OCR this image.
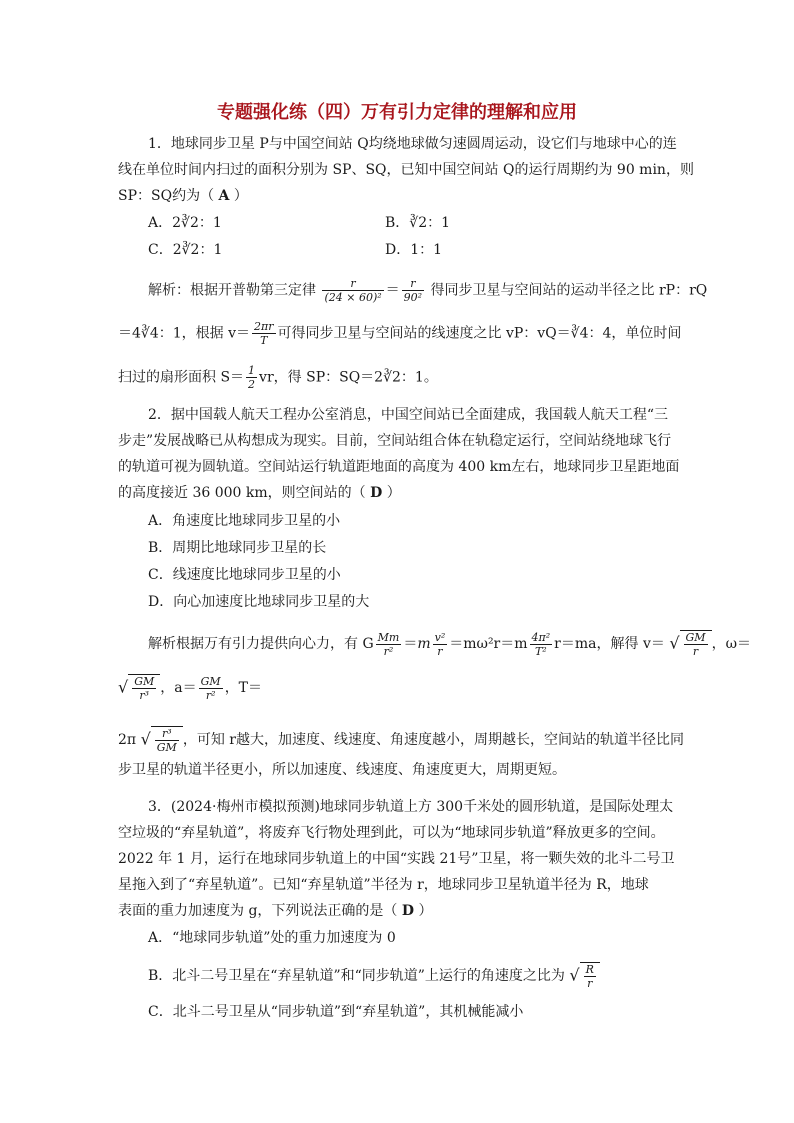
专题强化练（四）万有引力定律的理解和应用
1．地球同步卫星 P与中国空间站 Q均绕地球做匀速圆周运动，设它们与地球中心的连
线在单位时间内扫过的面积分别为 SP、SQ，已知中国空间站 Q的运行周期约为 90 min，则
SP：SQ约为（ A ）
A．2∛2：1	B．∛2：1
C．2∛2：1	D．1：1
解析：根据开普勒第三定律 $\frac{r}{\text{(24 × 60)²}} = \frac{r}{\text{90²}}$ 得同步卫星与空间站的运动半径之比 rP：rQ
＝4∛4：1，根据 $v= \frac{2\pi r}{T}$ 可得同步卫星与空间站的线速度之比 vP：vQ＝∛4：4，单位时间
扫过的扇形面积 $S= \frac{1}{2}$ vr，得 SP：SQ＝2∛2：1。
2．据中国载人航天工程办公室消息，中国空间站已全面建成，我国载人航天工程“三
步走”发展战略已从构想成为现实。目前，空间站组合体在轨稳定运行，空间站绕地球飞行
的轨道可视为圆轨道。空间站运行轨道距地面的高度为 400 km左右，地球同步卫星距地面
的高度接近 36 000 km，则空间站的（ D ）
A．角速度比地球同步卫星的小
B．周期比地球同步卫星的长
C．线速度比地球同步卫星的小
D．向心加速度比地球同步卫星的大
解析根据万有引力提供向心力，有 G $\frac{Mm}{\text{r²}} =m \frac{\text{v²}}{r} =m\omega^2r=m \frac{\text{4π²}}{\text{T²}} r=ma$，解得 v＝ √ $\frac{GM}{r}$ ，ω＝
√ $\frac{GM}{\text{r³}}$ ，$a= \frac{GM}{\text{r²}}$ ，T＝
2π √ $\frac{\text{r³}}{GM}$ ，可知 r越大，加速度、线速度、角速度越小，周期越长，空间站的轨道半径比同
步卫星的轨道半径更小，所以加速度、线速度、角速度更大，周期更短。
3．(2024·梅州市模拟预测)地球同步轨道上方 300千米处的圆形轨道，是国际处理太
空垃圾的“弃星轨道”，将废弃飞行物处理到此，可以为“地球同步轨道”释放更多的空间。
2022 年 1 月，运行在地球同步轨道上的中国“实践 21号”卫星，将一颗失效的北斗二号卫
星拖入到了“弃星轨道”。已知“弃星轨道”半径为 r，地球同步卫星轨道半径为 R，地球
表面的重力加速度为 g，下列说法正确的是（ D ）
A．“地球同步轨道”处的重力加速度为 0
B．北斗二号卫星在“弃星轨道”和“同步轨道”上运行的角速度之比为 √ $\frac{R}{r}$
C．北斗二号卫星从“同步轨道”到“弃星轨道”，其机械能减小
